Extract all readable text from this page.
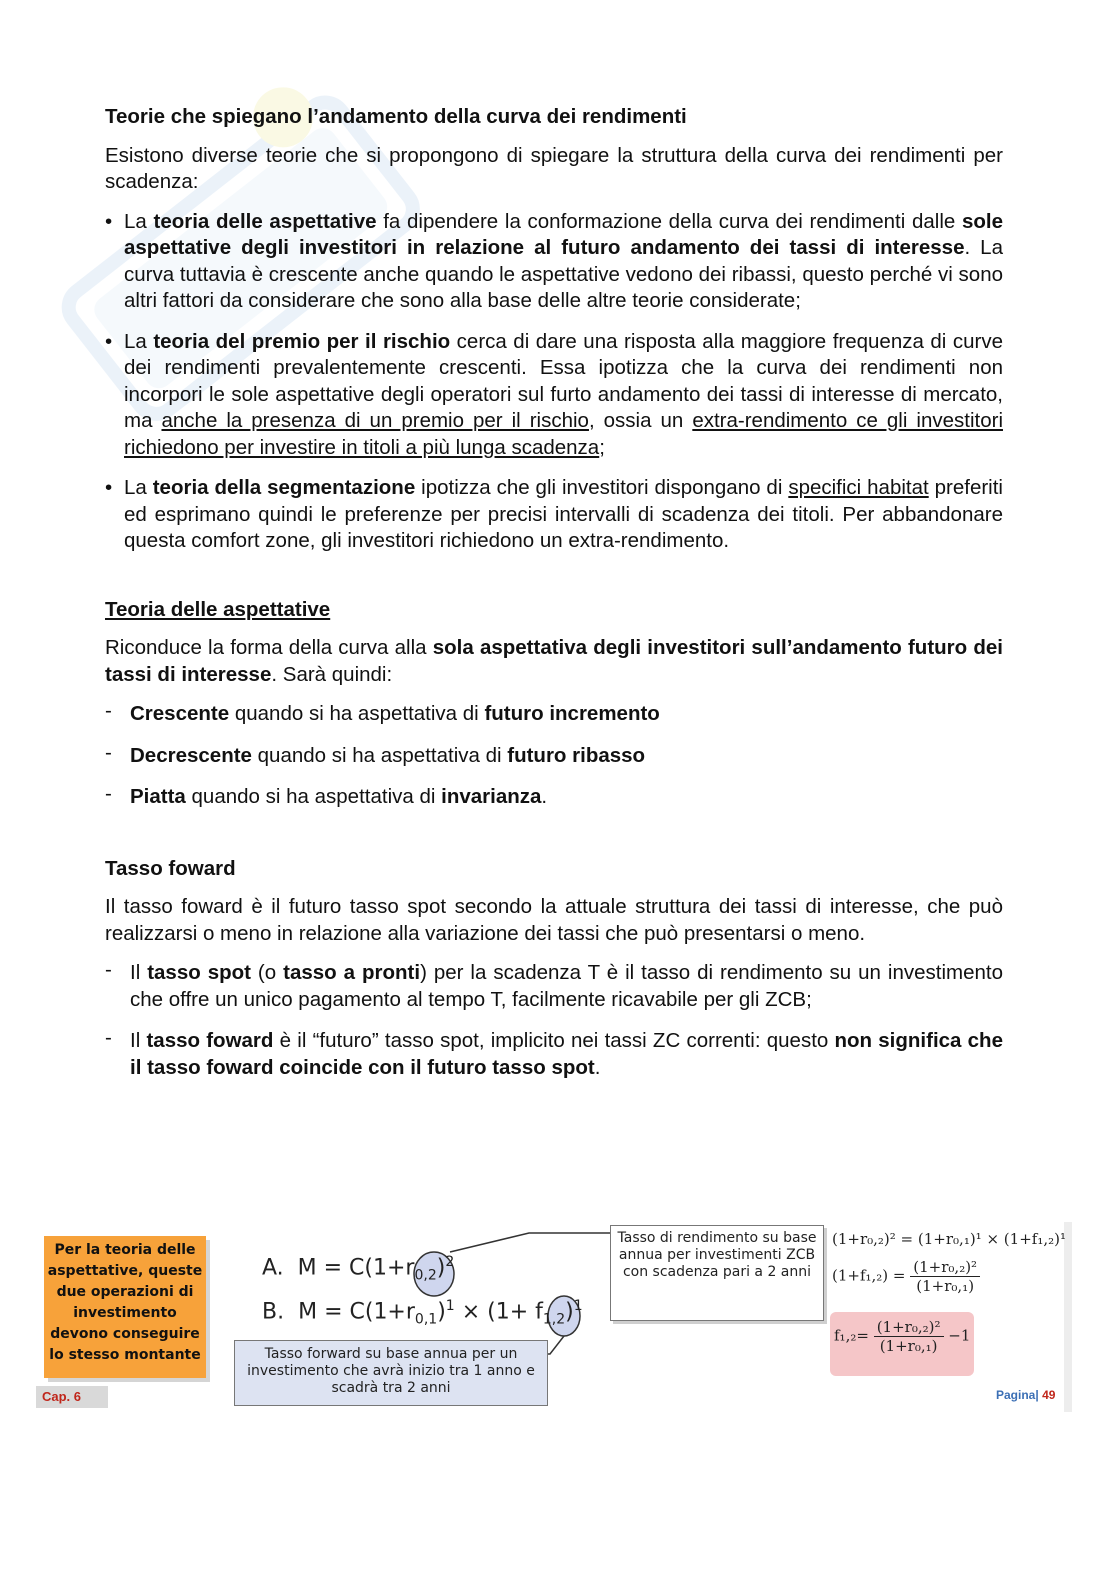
Teorie che spiegano l’andamento della curva dei rendimenti

Esistono diverse teorie che si propongono di spiegare la struttura della curva dei rendimenti per scadenza:

• La teoria delle aspettative fa dipendere la conformazione della curva dei rendimenti dalle sole aspettative degli investitori in relazione al futuro andamento dei tassi di interesse. La curva tuttavia è crescente anche quando le aspettative vedono dei ribassi, questo perché vi sono altri fattori da considerare che sono alla base delle altre teorie considerate;
• La teoria del premio per il rischio cerca di dare una risposta alla maggiore frequenza di curve dei rendimenti prevalentemente crescenti. Essa ipotizza che la curva dei rendimenti non incorpori le sole aspettative degli operatori sul furto andamento dei tassi di interesse di mercato, ma anche la presenza di un premio per il rischio, ossia un extra-rendimento ce gli investitori richiedono per investire in titoli a più lunga scadenza;
• La teoria della segmentazione ipotizza che gli investitori dispongano di specifici habitat preferiti ed esprimano quindi le preferenze per precisi intervalli di scadenza dei titoli. Per abbandonare questa comfort zone, gli investitori richiedono un extra-rendimento.
Teoria delle aspettative

Riconduce la forma della curva alla sola aspettativa degli investitori sull’andamento futuro dei tassi di interesse. Sarà quindi:

- Crescente quando si ha aspettativa di futuro incremento
- Decrescente quando si ha aspettativa di futuro ribasso
- Piatta quando si ha aspettativa di invarianza.
Tasso foward

Il tasso foward è il futuro tasso spot secondo la attuale struttura dei tassi di interesse, che può realizzarsi o meno in relazione alla variazione dei tassi che può presentarsi o meno.

- Il tasso spot (o tasso a pronti) per la scadenza T è il tasso di rendimento su un investimento che offre un unico pagamento al tempo T, facilmente ricavabile per gli ZCB;
- Il tasso foward è il “futuro” tasso spot, implicito nei tassi ZC correnti: questo non significa che il tasso foward coincide con il futuro tasso spot.
Per la teoria delle
aspettative, queste
due operazioni di
investimento
devono conseguire
lo stesso montante
A. $M = C(1+r_{0,2})^2$
B. $M = C(1+r_{0,1})^1 \times (1+ f_{1,2})^1$
Tasso forward su base annua per un investimento che avrà inizio tra 1 anno e scadrà tra 2 anni
Tasso di rendimento su base annua per investimenti ZCB con scadenza pari a 2 anni
(1+r₀,₂)² = (1+r₀,₁)¹ × (1+f₁,₂)¹
$(1+f_1,_2) = \frac{\text{(1+r₀,₂)²}}{\text{(1+r₀,₁)}}$
$f_1,_2= \frac{\text{(1+r₀,₂)²}}{\text{(1+r₀,₁)}} -1$
Cap. 6	Pagina| 49
